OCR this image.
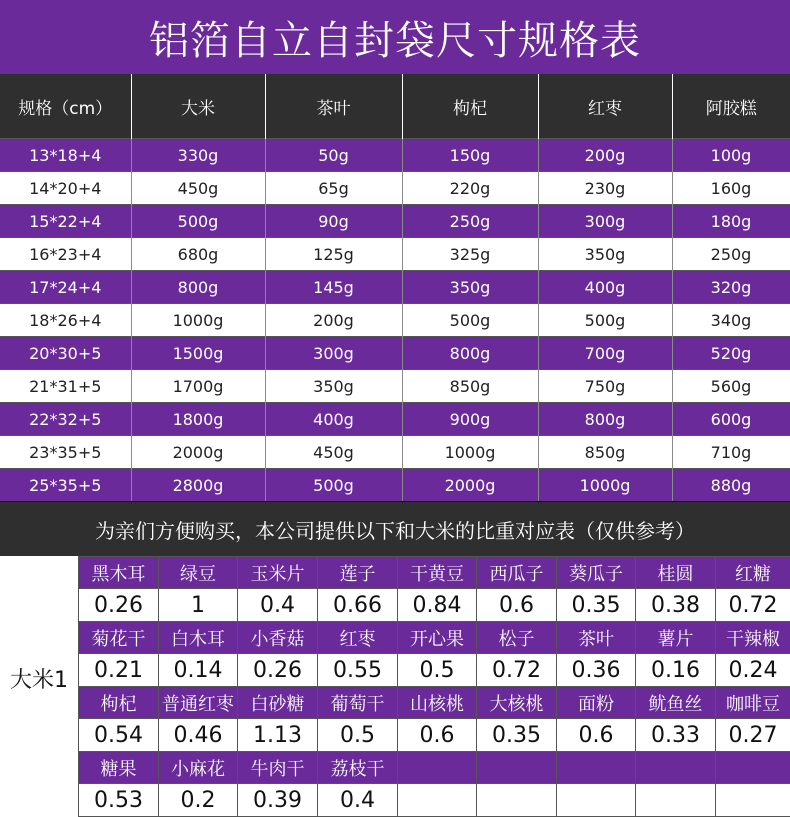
铝箔自立自封袋尺寸规格表
规格（cm）	大米	茶叶	枸杞	红枣	阿胶糕
13*18+4	330g	50g	150g	200g	100g
14*20+4	450g	65g	220g	230g	160g
15*22+4	500g	90g	250g	300g	180g
16*23+4	680g	125g	325g	350g	250g
17*24+4	800g	145g	350g	400g	320g
18*26+4	1000g	200g	500g	500g	340g
20*30+5	1500g	300g	800g	700g	520g
21*31+5	1700g	350g	850g	750g	560g
22*32+5	1800g	400g	900g	800g	600g
23*35+5	2000g	450g	1000g	850g	710g
25*35+5	2800g	500g	2000g	1000g	880g
为亲们方便购买，本公司提供以下和大米的比重对应表（仅供参考）
大米1
黑木耳	绿豆	玉米片	莲子	干黄豆	西瓜子	葵瓜子	桂圆	红糖
0.26	1	0.4	0.66	0.84	0.6	0.35	0.38	0.72
菊花干	白木耳	小香菇	红枣	开心果	松子	茶叶	薯片	干辣椒
0.21	0.14	0.26	0.55	0.5	0.72	0.36	0.16	0.24
枸杞	普通红枣	白砂糖	葡萄干	山核桃	大核桃	面粉	鱿鱼丝	咖啡豆
0.54	0.46	1.13	0.5	0.6	0.35	0.6	0.33	0.27
糖果	小麻花	牛肉干	荔枝干					
0.53	0.2	0.39	0.4					
